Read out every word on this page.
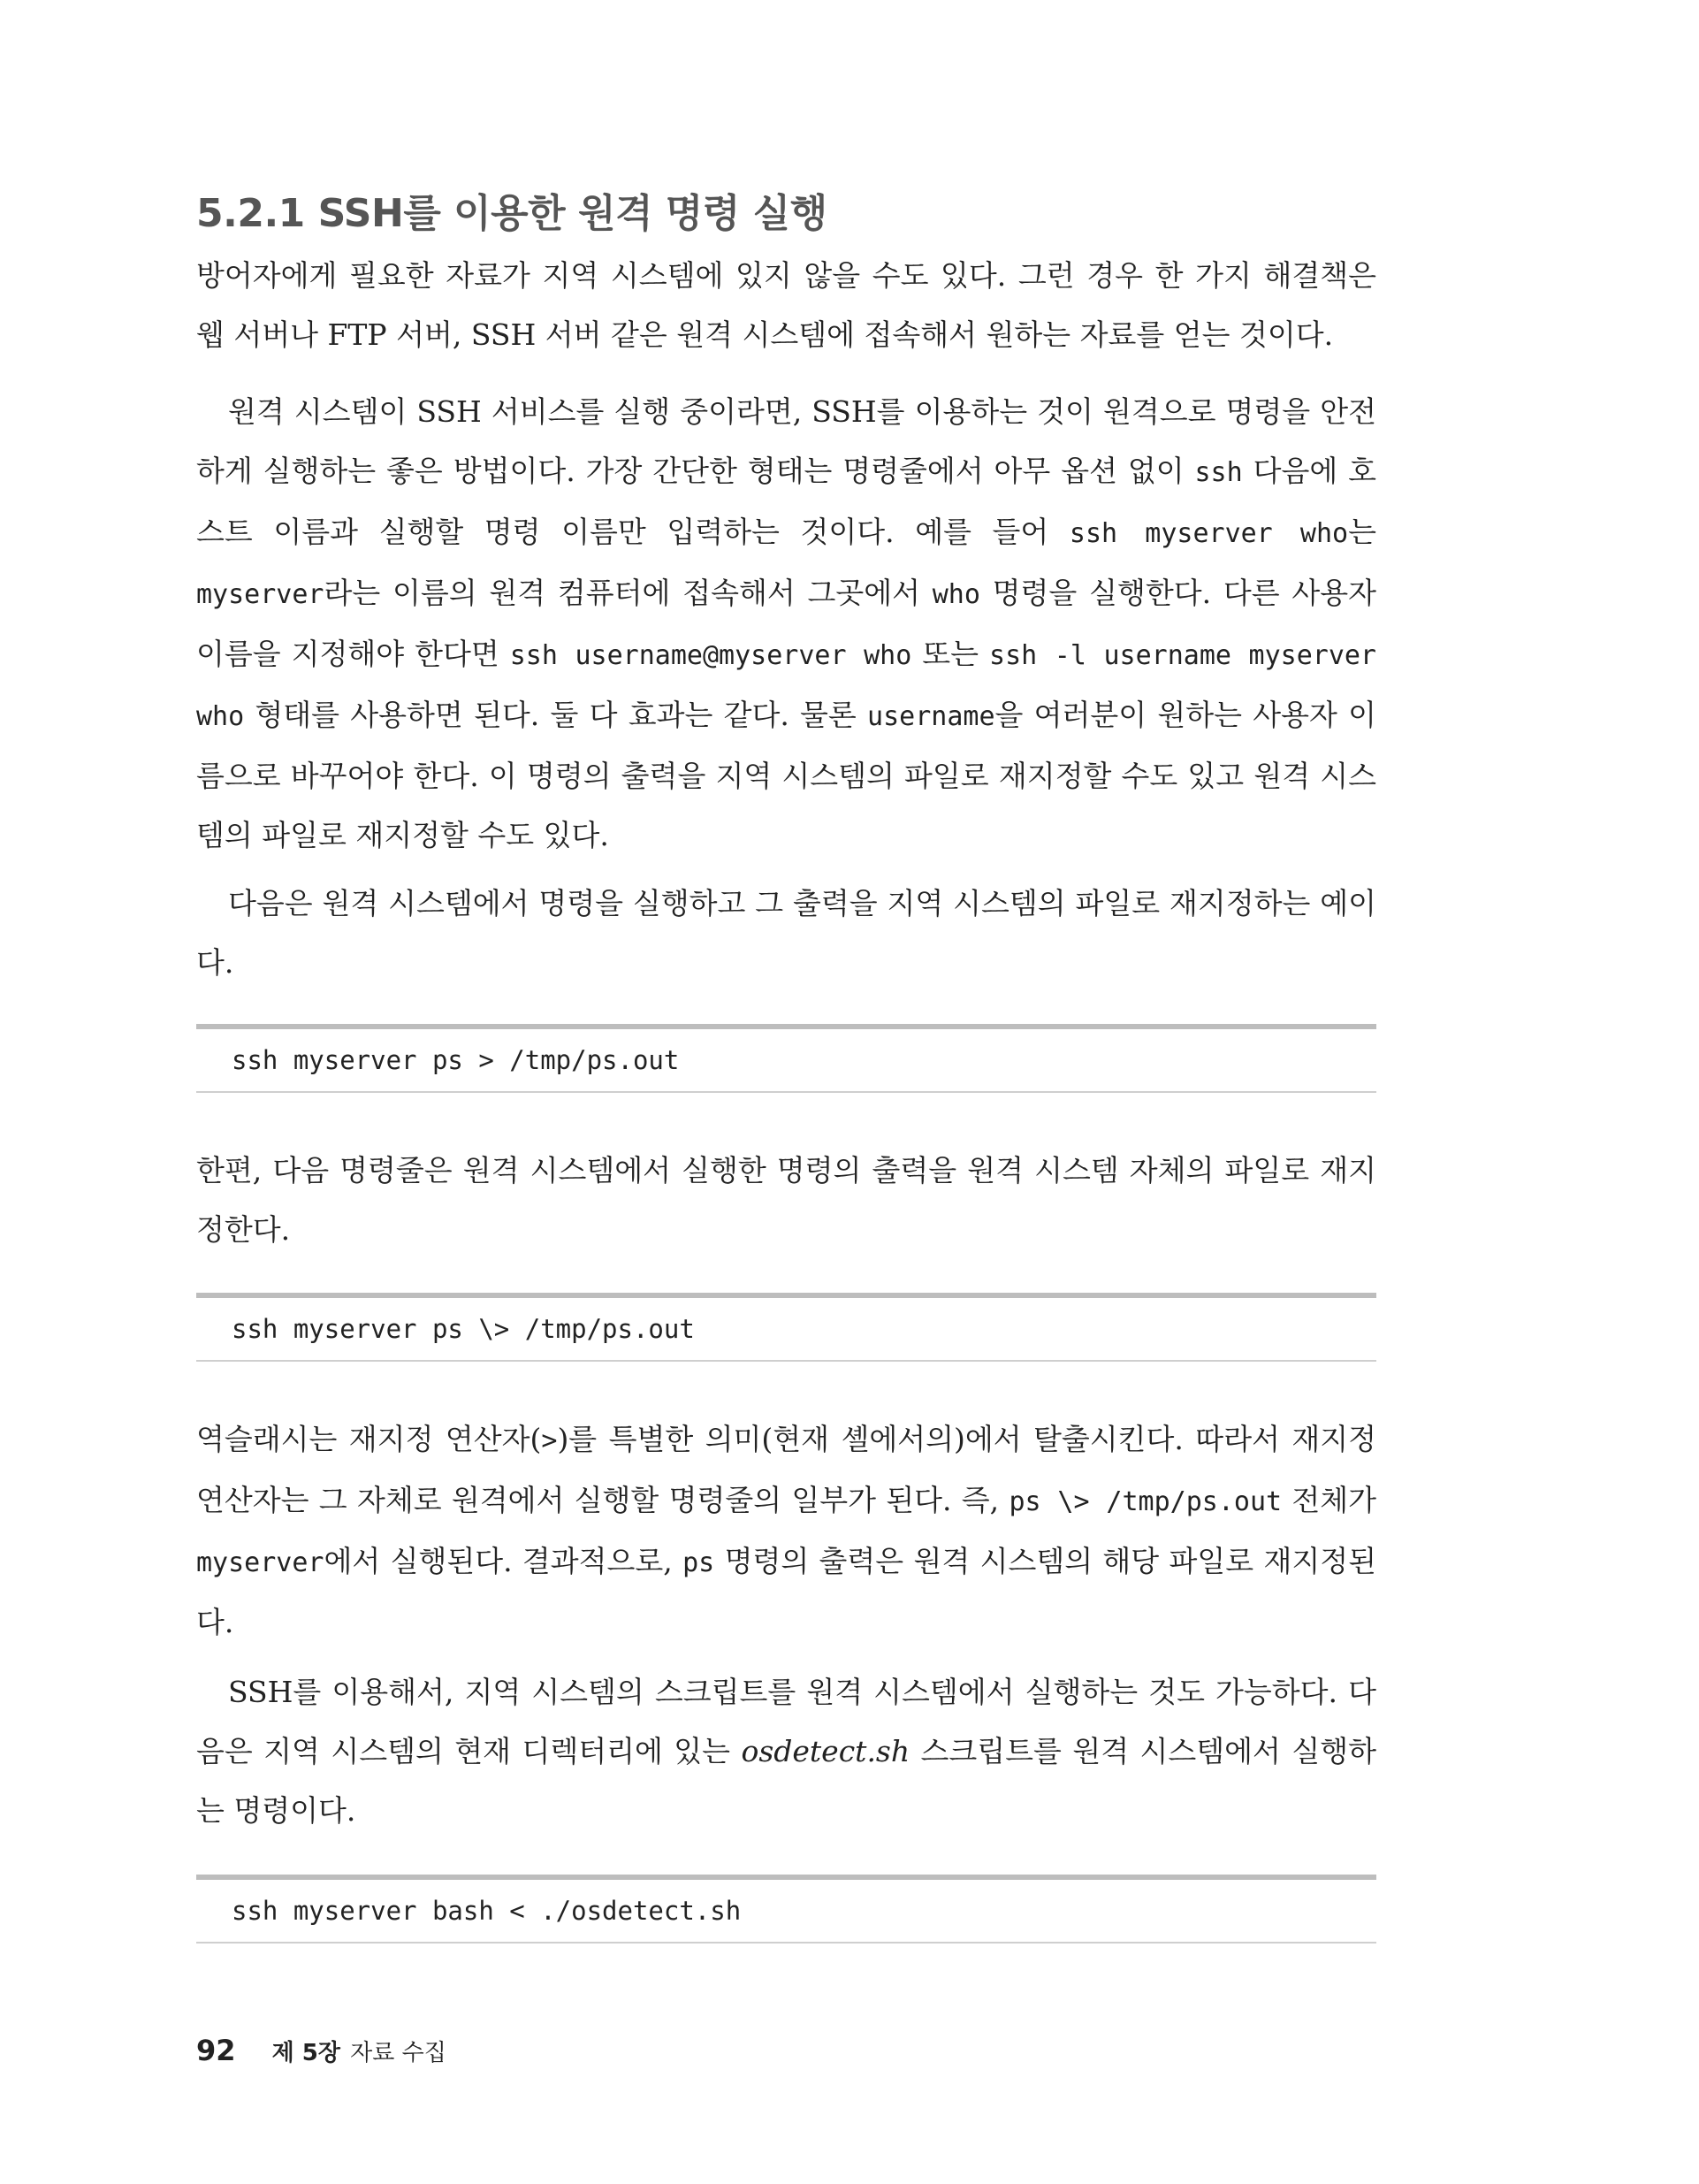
5.2.1 SSH를 이용한 원격 명령 실행

방어자에게 필요한 자료가 지역 시스템에 있지 않을 수도 있다. 그런 경우 한 가지 해결책은 웹 서버나 FTP 서버, SSH 서버 같은 원격 시스템에 접속해서 원하는 자료를 얻는 것이다.

원격 시스템이 SSH 서비스를 실행 중이라면, SSH를 이용하는 것이 원격으로 명령을 안전하게 실행하는 좋은 방법이다. 가장 간단한 형태는 명령줄에서 아무 옵션 없이 ssh 다음에 호스트 이름과 실행할 명령 이름만 입력하는 것이다. 예를 들어 ssh myserver who는 myserver라는 이름의 원격 컴퓨터에 접속해서 그곳에서 who 명령을 실행한다. 다른 사용자 이름을 지정해야 한다면 ssh username@myserver who 또는 ssh -l username myserver who 형태를 사용하면 된다. 둘 다 효과는 같다. 물론 username을 여러분이 원하는 사용자 이름으로 바꾸어야 한다. 이 명령의 출력을 지역 시스템의 파일로 재지정할 수도 있고 원격 시스템의 파일로 재지정할 수도 있다.

다음은 원격 시스템에서 명령을 실행하고 그 출력을 지역 시스템의 파일로 재지정하는 예이다.

ssh myserver ps > /tmp/ps.out

한편, 다음 명령줄은 원격 시스템에서 실행한 명령의 출력을 원격 시스템 자체의 파일로 재지정한다.

ssh myserver ps \> /tmp/ps.out

역슬래시는 재지정 연산자(>)를 특별한 의미(현재 셸에서의)에서 탈출시킨다. 따라서 재지정 연산자는 그 자체로 원격에서 실행할 명령줄의 일부가 된다. 즉, ps \> /tmp/ps.out 전체가 myserver에서 실행된다. 결과적으로, ps 명령의 출력은 원격 시스템의 해당 파일로 재지정된다.

SSH를 이용해서, 지역 시스템의 스크립트를 원격 시스템에서 실행하는 것도 가능하다. 다음은 지역 시스템의 현재 디렉터리에 있는 osdetect.sh 스크립트를 원격 시스템에서 실행하는 명령이다.

ssh myserver bash < ./osdetect.sh
92 제 5장 자료 수집
